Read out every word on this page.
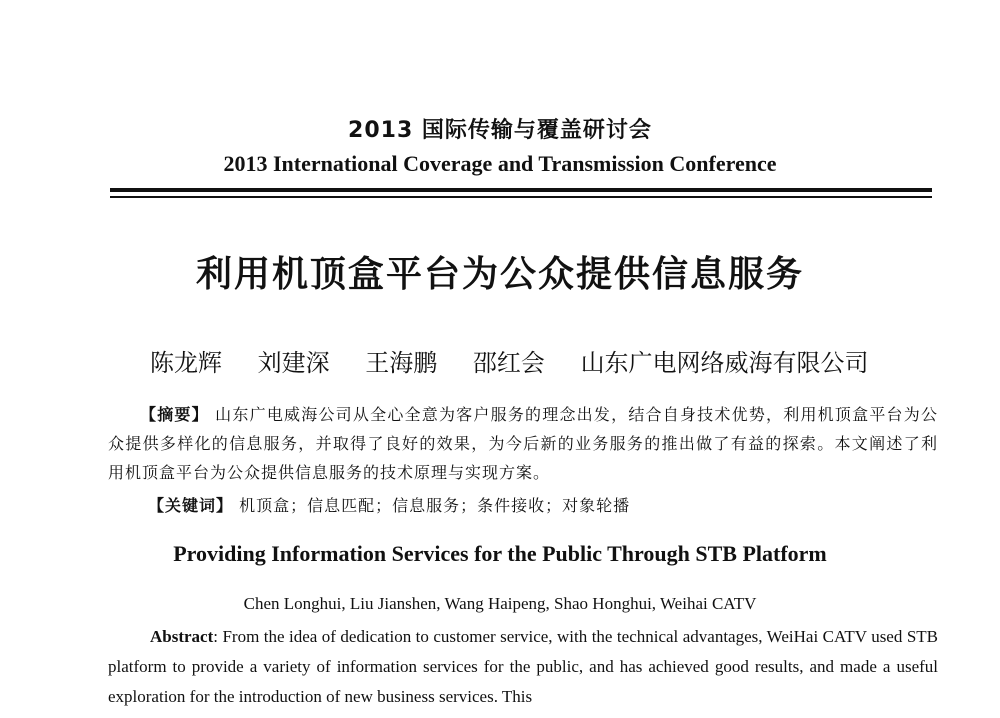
2013 国际传输与覆盖研讨会
2013 International Coverage and Transmission Conference
利用机顶盒平台为公众提供信息服务
陈龙辉 刘建深 王海鹏 邵红会 山东广电网络威海有限公司
【摘要】 山东广电威海公司从全心全意为客户服务的理念出发，结合自身技术优势，利用机顶盒平台为公众提供多样化的信息服务，并取得了良好的效果，为今后新的业务服务的推出做了有益的探索。本文阐述了利用机顶盒平台为公众提供信息服务的技术原理与实现方案。
【关键词】 机顶盒；信息匹配；信息服务；条件接收；对象轮播
Providing Information Services for the Public Through STB Platform
Chen Longhui, Liu Jianshen, Wang Haipeng, Shao Honghui, Weihai CATV
Abstract: From the idea of dedication to customer service, with the technical advantages, WeiHai CATV used STB platform to provide a variety of information services for the public, and has achieved good results, and made a useful exploration for the introduction of new business services. This
